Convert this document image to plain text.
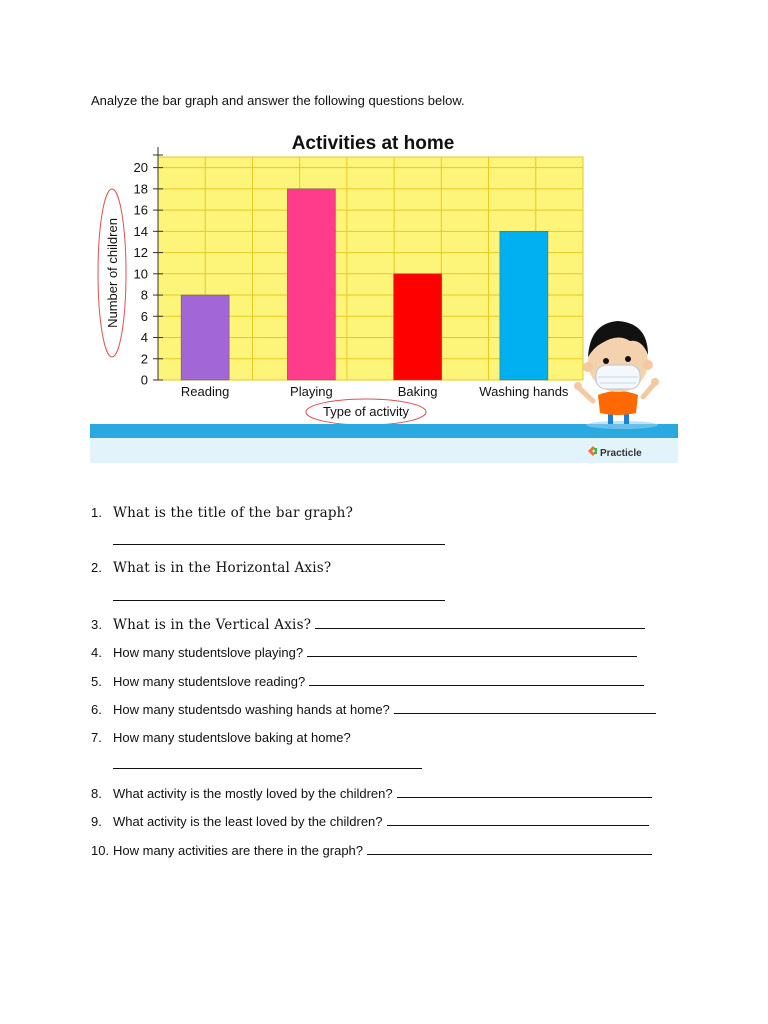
Analyze the bar graph and answer the following questions below.
Reading	Playing	Baking	Washing hands
0
2
4
6
8
10
12
14
16
18
20
Activities at home
Number of children
Type of activity
Practicle
1. What is the title of the bar graph?
2. What is in the Horizontal Axis?
3. What is in the Vertical Axis?
4. How many studentslove playing?
5. How many studentslove reading?
6. How many studentsdo washing hands at home?
7. How many studentslove baking at home?
8. What activity is the mostly loved by the children?
9. What activity is the least loved by the children?
10. How many activities are there in the graph?
